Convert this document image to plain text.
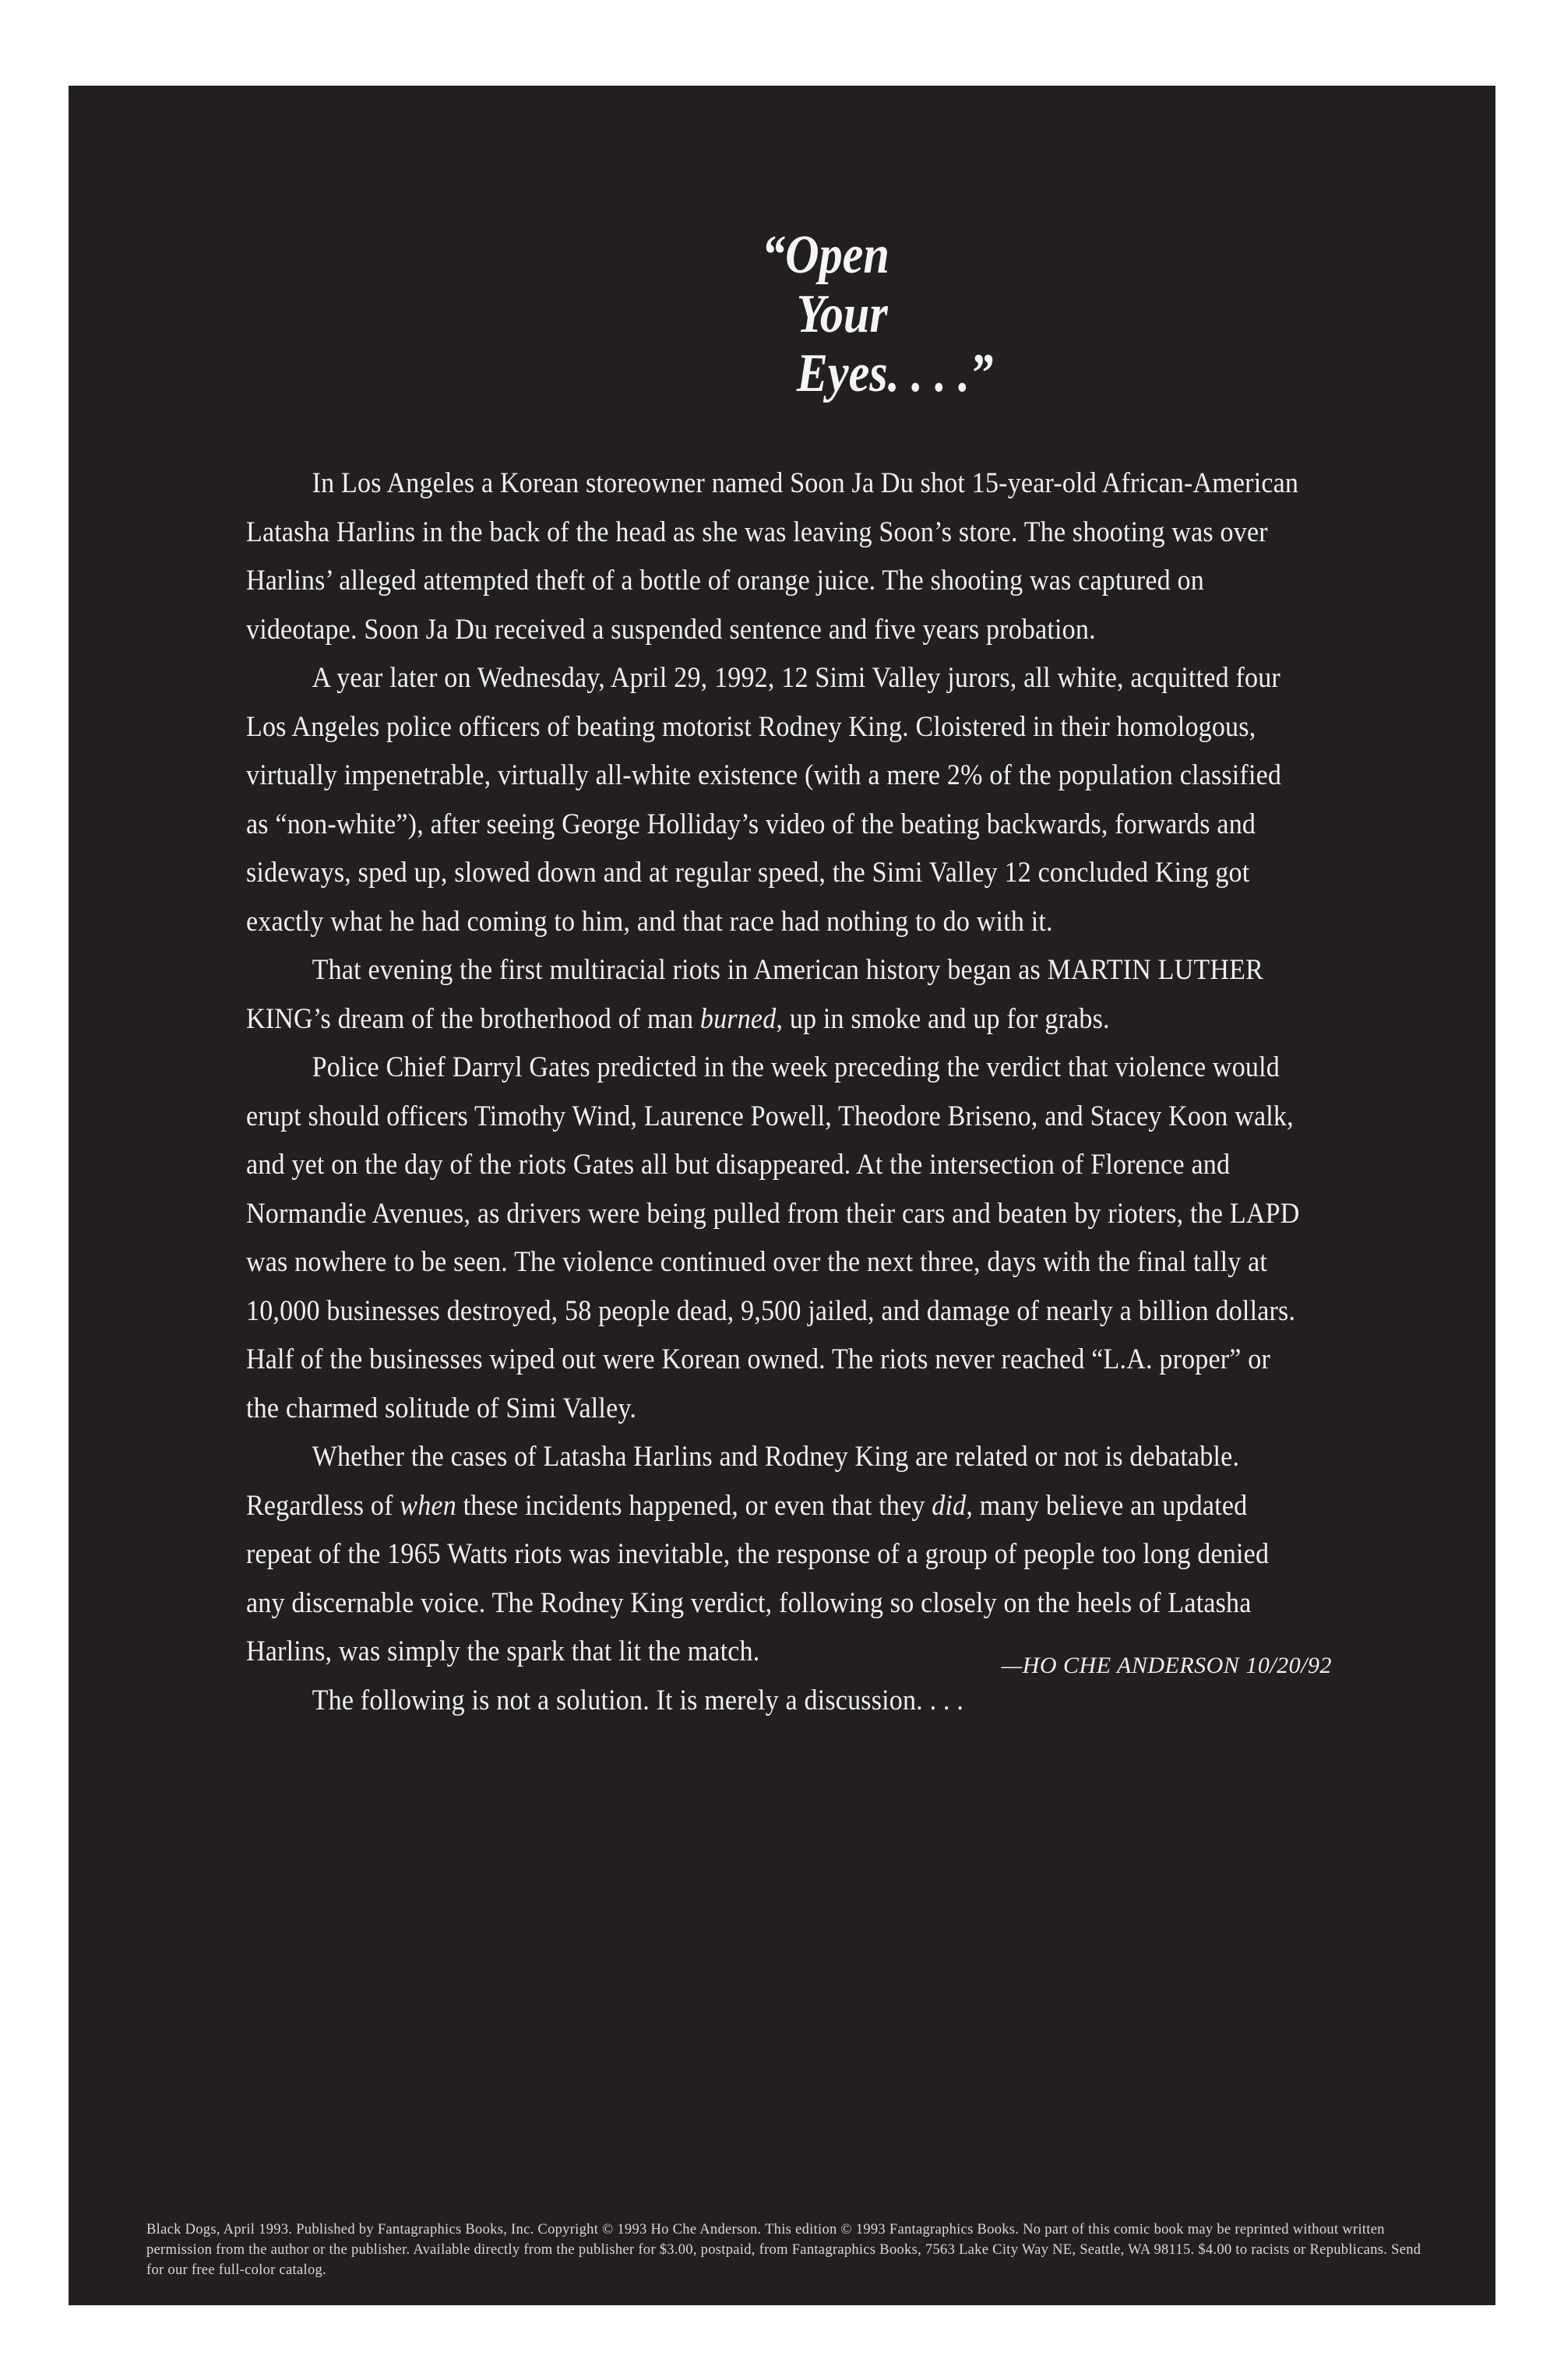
“Open
Your
Eyes. . . .”

In Los Angeles a Korean storeowner named Soon Ja Du shot 15-year-old African-American Latasha Harlins in the back of the head as she was leaving Soon’s store. The shooting was over Harlins’ alleged attempted theft of a bottle of orange juice. The shooting was captured on videotape. Soon Ja Du received a suspended sentence and five years probation.

A year later on Wednesday, April 29, 1992, 12 Simi Valley jurors, all white, acquitted four Los Angeles police officers of beating motorist Rodney King. Cloistered in their homologous, virtually impenetrable, virtually all-white existence (with a mere 2% of the population classified as “non-white”), after seeing George Holliday’s video of the beating backwards, forwards and sideways, sped up, slowed down and at regular speed, the Simi Valley 12 concluded King got exactly what he had coming to him, and that race had nothing to do with it.

That evening the first multiracial riots in American history began as MARTIN LUTHER KING’s dream of the brotherhood of man burned, up in smoke and up for grabs.

Police Chief Darryl Gates predicted in the week preceding the verdict that violence would erupt should officers Timothy Wind, Laurence Powell, Theodore Briseno, and Stacey Koon walk, and yet on the day of the riots Gates all but disappeared. At the intersection of Florence and Normandie Avenues, as drivers were being pulled from their cars and beaten by rioters, the LAPD was nowhere to be seen. The violence continued over the next three, days with the final tally at 10,000 businesses destroyed, 58 people dead, 9,500 jailed, and damage of nearly a billion dollars. Half of the businesses wiped out were Korean owned. The riots never reached “L.A. proper” or the charmed solitude of Simi Valley.

Whether the cases of Latasha Harlins and Rodney King are related or not is debatable. Regardless of when these incidents happened, or even that they did, many believe an updated repeat of the 1965 Watts riots was inevitable, the response of a group of people too long denied any discernable voice. The Rodney King verdict, following so closely on the heels of Latasha Harlins, was simply the spark that lit the match.

The following is not a solution. It is merely a discussion. . . .

—HO CHE ANDERSON 10/20/92
Black Dogs, April 1993. Published by Fantagraphics Books, Inc. Copyright © 1993 Ho Che Anderson. This edition © 1993 Fantagraphics Books. No part of this comic book may be reprinted without written permission from the author or the publisher. Available directly from the publisher for $3.00, postpaid, from Fantagraphics Books, 7563 Lake City Way NE, Seattle, WA 98115. $4.00 to racists or Republicans. Send for our free full-color catalog.
